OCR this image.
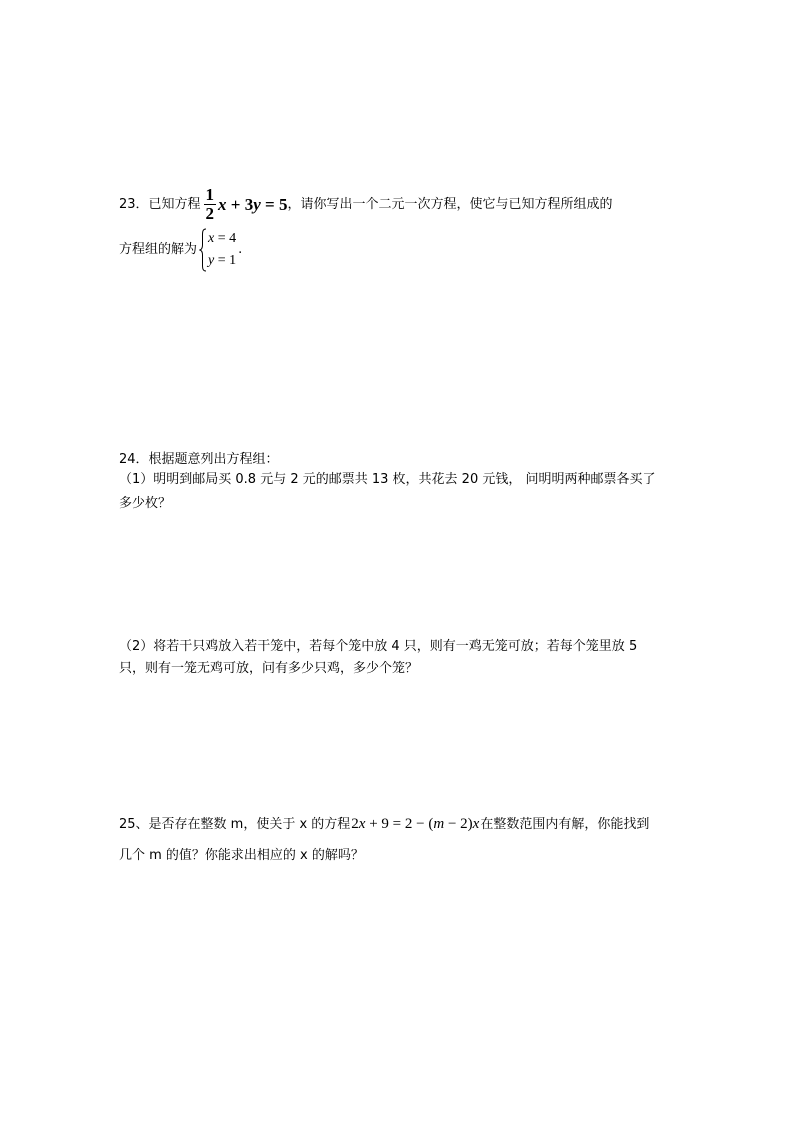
23．已知方程 $\frac{1}{2}$ x + 3y = 5，请你写出一个二元一次方程，使它与已知方程所组成的
方程组的解为
x = 4
y = 1
.
24．根据题意列出方程组：
（1）明明到邮局买 0.8 元与 2 元的邮票共 13 枚，共花去 20 元钱， 问明明两种邮票各买了
多少枚？
（2）将若干只鸡放入若干笼中，若每个笼中放 4 只，则有一鸡无笼可放；若每个笼里放 5
只，则有一笼无鸡可放，问有多少只鸡，多少个笼？
25、是否存在整数 m，使关于 x 的方程2x + 9 = 2 − (m − 2)x在整数范围内有解，你能找到
几个 m 的值？你能求出相应的 x 的解吗？
